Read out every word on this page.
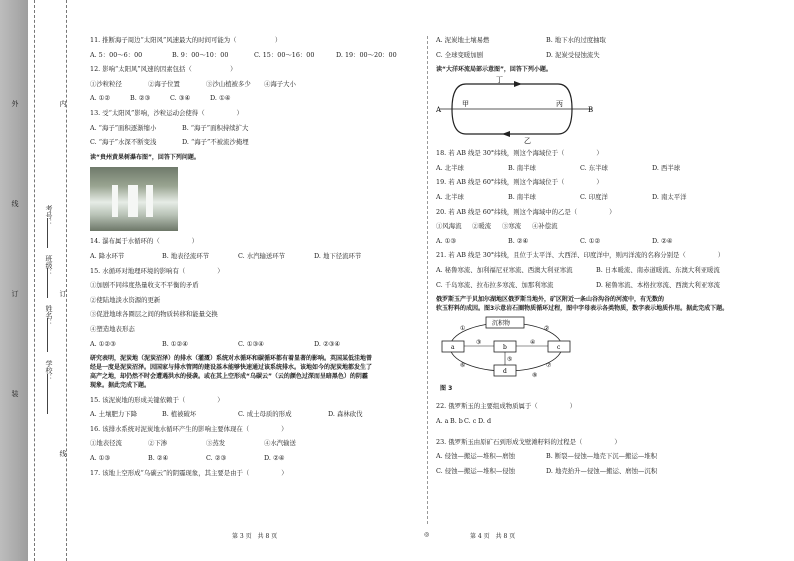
外
线
订
装
内
订
线
学校：
姓名：
班级：
考号：

11. 推断海子周边“太阳风”风速最大的时间可能为（　　　　　　）

A. 5：00～6：00	B. 9：00～10：00	C. 15：00～16：00	D. 19：00～20：00

12. 影响“太阳风”风速的因素包括（　　　　　　）

①沙粒粒径	②海子位置	③沙山植被多少	④海子大小

A. ①②	B. ②③	C. ③④	D. ①④

13. 受“太阳风”影响，沙粒运动会使得（　　　　　）

A. “海子”面积逐渐缩小	B. “海子”面积持续扩大

C. “海子”水深不断变浅	D. “海子”不被流沙掩埋

读“贵州黄果树瀑布图”，回答下列问题。

14. 瀑布属于水循环的（　　　　　）

A. 降水环节	B. 地表径流环节	C. 水汽输送环节	D. 地下径流环节

15. 水循环对地理环境的影响有（　　　　　）

①加剧不同纬度热量收支不平衡的矛盾

②使陆地淡水资源的更新

③促进地球各圈层之间的物质转移和能量交换

④塑造地表形态

A. ①②③	B. ①②④	C. ①③④	D. ②③④

研究表明，泥炭地（泥炭沼泽）的排水（灌溉）系统对水循环和碳循环都有着显著的影响。英国某低洼地曾

经是一度是泥炭沼泽。因国家与排水管网的建设基本能够快速通过该系统排水。该地如今的泥炭地都发生了

高产之地，却仍然不时会遭遇洪水的侵袭。或在其上空形成“乌碳云”（云的颜色过深而呈暗黑色）的阴霾

现象。据此完成下题。

15. 该泥炭地的形成关键依赖于（　　　　　）

A. 土壤肥力下降	B. 植被破坏	C. 成土母质的形成	D. 森林砍伐

16. 该排水系统对泥炭地水循环产生的影响主要体现在（　　　　　）

①地表径流	②下渗	③蒸发	④水汽输送

A. ①③	B. ②④	C. ②③	D. ②④

17. 该地上空形成“乌碳云”的阴霾现象，其主要是由于（　　　　　）

A. 泥炭地土壤易燃	B. 地下水的过度抽取

C. 全球变暖加剧	D. 泥炭受侵蚀流失

读“大洋环流局部示意图”，回答下列小题。

丁
甲	丙
乙
A	B

18. 若 AB 线是 30°纬线，则这个海域位于（　　　　　）

A. 北半球	B. 南半球	C. 东半球	D. 西半球

19. 若 AB 线是 60°纬线，则这个海域位于（　　　　　）

A. 北半球	B. 南半球	C. 印度洋	D. 南太平洋

20. 若 AB 线是 60°纬线，则这个海域中的乙是（　　　　　）

①风海流	②暖流	③寒流	④补偿流

A. ①③	B. ②④	C. ①②	D. ②④

21. 若 AB 线是 30°纬线，且位于太平洋、大西洋、印度洋中，则丙洋流的名称分别是（　　　　　）

A. 秘鲁寒流、加利福尼亚寒流、西澳大利亚寒流	B. 日本暖流、南赤道暖流、东澳大利亚暖流

C. 千岛寒流、拉布拉多寒流、加那利寒流	D. 秘鲁寒流、本格拉寒流、西澳大利亚寒流

俄罗斯玉产于贝加尔湖地区俄罗斯当地外，矿区附近一条山谷沟谷的河流中，有无数的

软玉籽料的成因。图3示意岩石圈物质循环过程，图中字母表示各类物质，数字表示地质作用。据此完成下题。

沉积物
a	c
b
d
①	②
③	④
⑤
⑥	⑦
⑧

图 3

22. 俄罗斯玉的主要组成物质属于（　　　　　）

A. a B. b C. c D. d

23. 俄罗斯玉由原矿石到形成戈壁滩籽料的过程是（　　　　　）

A. 侵蚀—搬运—堆积—磨蚀	B. 断裂—侵蚀—地壳下沉—搬运—堆积

C. 侵蚀—搬运—堆积—侵蚀	D. 地壳抬升—侵蚀—搬运、磨蚀—沉积

第 3 页　共 8 页	◎	第 4 页　共 8 页
